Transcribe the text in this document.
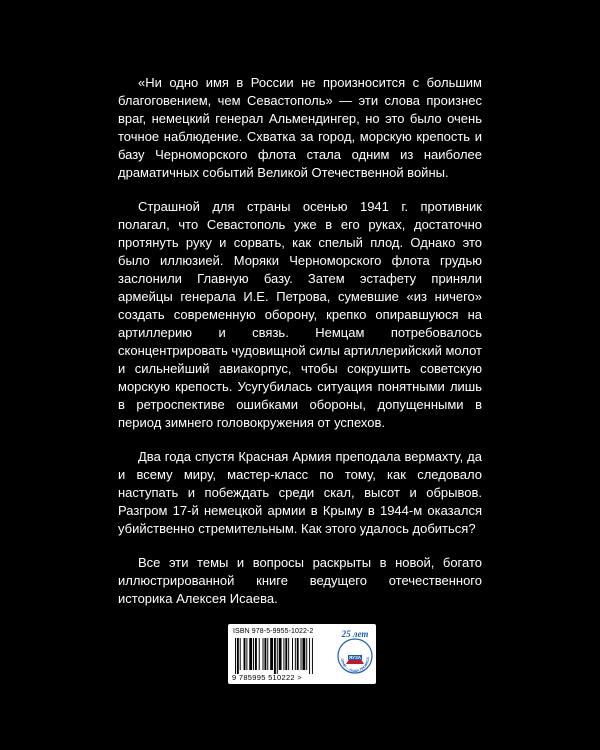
«Ни одно имя в России не произносится с большим благоговением, чем Севастополь» — эти слова произнес враг, немецкий генерал Альмендингер, но это было очень точное наблюдение. Схватка за город, морскую крепость и базу Черноморского флота стала одним из наиболее драматичных событий Великой Отечественной войны.

Страшной для страны осенью 1941 г. противник полагал, что Севастополь уже в его руках, достаточно протянуть руку и сорвать, как спелый плод. Однако это было иллюзией. Моряки Черноморского флота грудью заслонили Главную базу. Затем эстафету приняли армейцы генерала И.Е. Петрова, сумевшие «из ничего» создать современную оборону, крепко опиравшуюся на артиллерию и связь. Немцам потребовалось сконцентрировать чудовищной силы артиллерийский молот и сильнейший авиакорпус, чтобы сокрушить советскую морскую крепость. Усугубилась ситуация понятными лишь в ретроспективе ошибками обороны, допущенными в период зимнего головокружения от успехов.

Два года спустя Красная Армия преподала вермахту, да и всему миру, мастер-класс по тому, как следовало наступать и побеждать среди скал, высот и обрывов. Разгром 17-й немецкой армии в Крыму в 1944-м оказался убийственно стремительным. Как этого удалось добиться?

Все эти темы и вопросы раскрыты в новой, богато иллюстрированной книге ведущего отечественного историка Алексея Исаева.

ISBN 978-5-9955-1022-2
9 785995 510222 >
25 лет
ЯУЗА
ОРИЯ — НАША ПРОФЕСС
